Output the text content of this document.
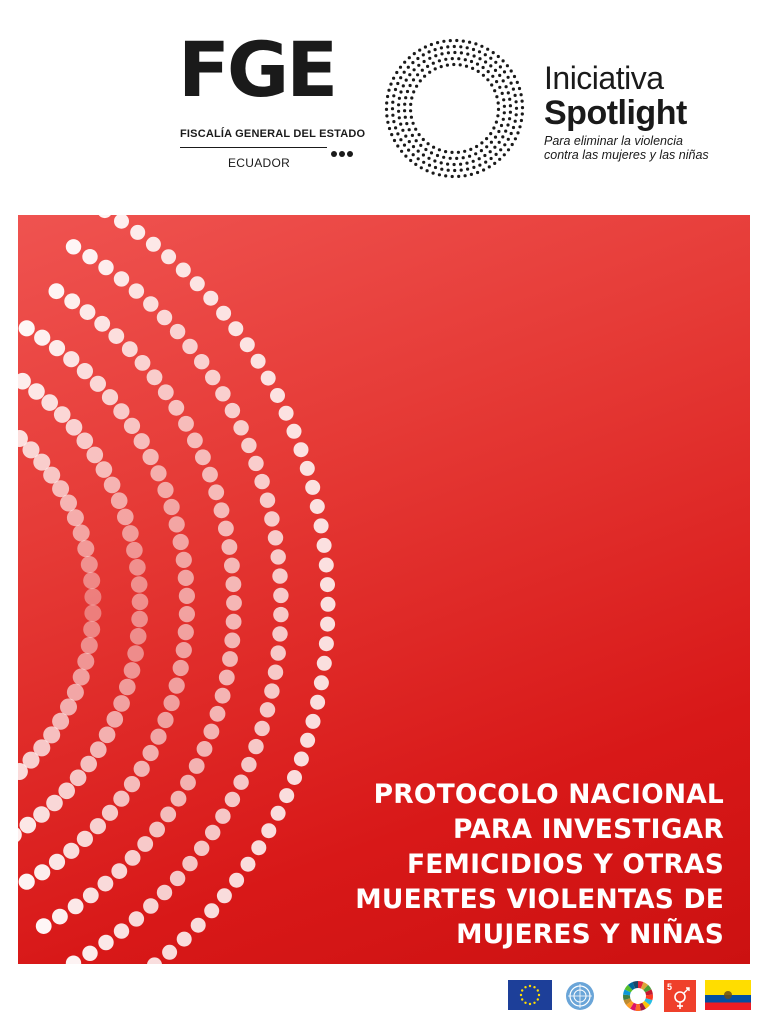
FGE
FISCALÍA GENERAL DEL ESTADO
ECUADOR
Iniciativa
Spotlight
Para eliminar la violencia
contra las mujeres y las niñas
PROTOCOLO NACIONAL
PARA INVESTIGAR
FEMICIDIOS Y OTRAS
MUERTES VIOLENTAS DE
MUJERES Y NIÑAS
5
